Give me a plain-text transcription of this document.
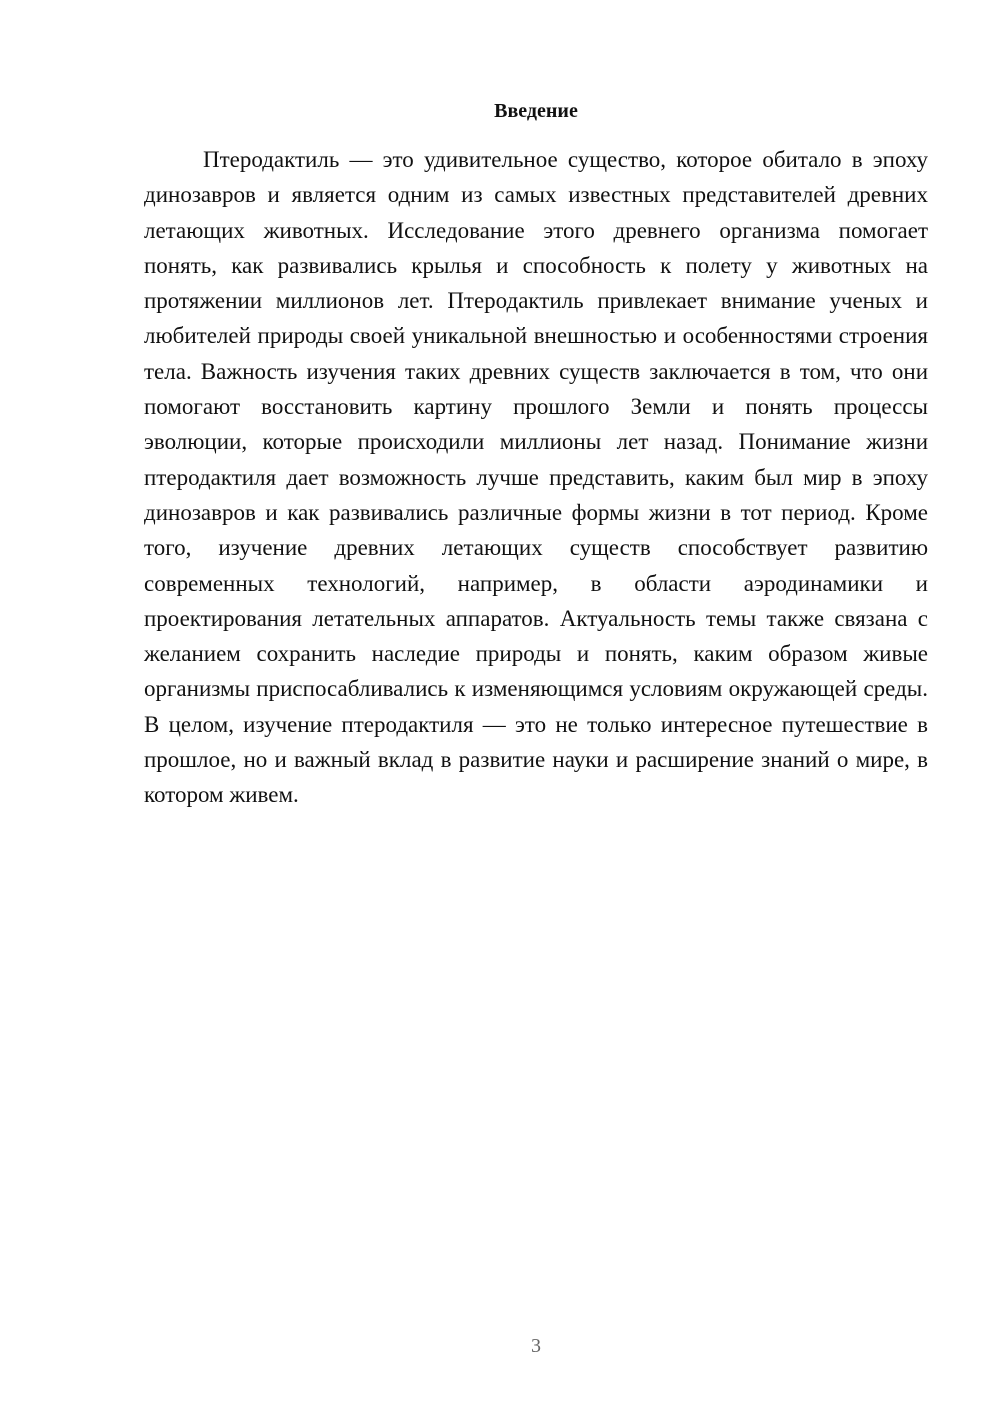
Введение

Птеродактиль — это удивительное существо, которое обитало в эпоху динозавров и является одним из самых известных представителей древних летающих животных. Исследование этого древнего организма помогает понять, как развивались крылья и способность к полету у животных на протяжении миллионов лет. Птеродактиль привлекает внимание ученых и любителей природы своей уникальной внешностью и особенностями строения тела. Важность изучения таких древних существ заключается в том, что они помогают восстановить картину прошлого Земли и понять процессы эволюции, которые происходили миллионы лет назад. Понимание жизни птеродактиля дает возможность лучше представить, каким был мир в эпоху динозавров и как развивались различные формы жизни в тот период. Кроме того, изучение древних летающих существ способствует развитию современных технологий, например, в области аэродинамики и проектирования летательных аппаратов. Актуальность темы также связана с желанием сохранить наследие природы и понять, каким образом живые организмы приспосабливались к изменяющимся условиям окружающей среды. В целом, изучение птеродактиля — это не только интересное путешествие в прошлое, но и важный вклад в развитие науки и расширение знаний о мире, в котором живем.

3
